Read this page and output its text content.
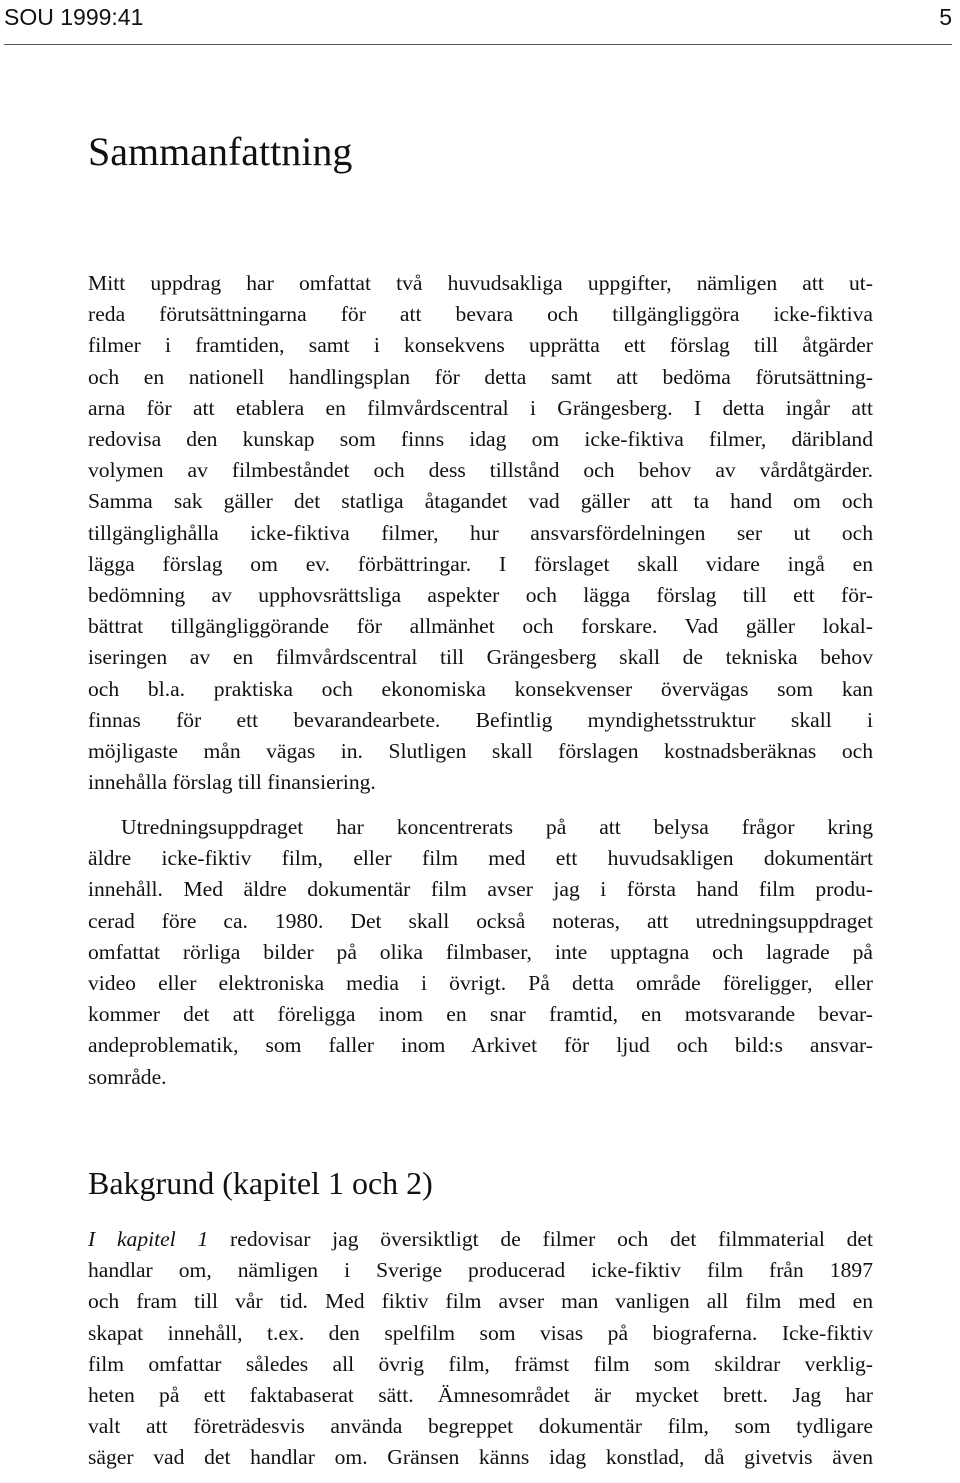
SOU 1999:41	5
Sammanfattning

Mitt uppdrag har omfattat två huvudsakliga uppgifter, nämligen att ut-
reda förutsättningarna för att bevara och tillgängliggöra icke-fiktiva
filmer i framtiden, samt i konsekvens upprätta ett förslag till åtgärder
och en nationell handlingsplan för detta samt att bedöma förutsättning-
arna för att etablera en filmvårdscentral i Grängesberg. I detta ingår att
redovisa den kunskap som finns idag om icke-fiktiva filmer, däribland
volymen av filmbeståndet och dess tillstånd och behov av vårdåtgärder.
Samma sak gäller det statliga åtagandet vad gäller att ta hand om och
tillgänglighålla icke-fiktiva filmer, hur ansvarsfördelningen ser ut och
lägga förslag om ev. förbättringar. I förslaget skall vidare ingå en
bedömning av upphovsrättsliga aspekter och lägga förslag till ett för-
bättrat tillgängliggörande för allmänhet och forskare. Vad gäller lokal-
iseringen av en filmvårdscentral till Grängesberg skall de tekniska behov
och bl.a. praktiska och ekonomiska konsekvenser övervägas som kan
finnas för ett bevarandearbete. Befintlig myndighetsstruktur skall i
möjligaste mån vägas in. Slutligen skall förslagen kostnadsberäknas och
innehålla förslag till finansiering.

Utredningsuppdraget har koncentrerats på att belysa frågor kring
äldre icke-fiktiv film, eller film med ett huvudsakligen dokumentärt
innehåll. Med äldre dokumentär film avser jag i första hand film produ-
cerad före ca. 1980. Det skall också noteras, att utredningsuppdraget
omfattat rörliga bilder på olika filmbaser, inte upptagna och lagrade på
video eller elektroniska media i övrigt. På detta område föreligger, eller
kommer det att föreligga inom en snar framtid, en motsvarande bevar-
andeproblematik, som faller inom Arkivet för ljud och bild:s ansvar-
sområde.

Bakgrund (kapitel 1 och 2)

I kapitel 1 redovisar jag översiktligt de filmer och det filmmaterial det
handlar om, nämligen i Sverige producerad icke-fiktiv film från 1897
och fram till vår tid. Med fiktiv film avser man vanligen all film med en
skapat innehåll, t.ex. den spelfilm som visas på biograferna. Icke-fiktiv
film omfattar således all övrig film, främst film som skildrar verklig-
heten på ett faktabaserat sätt. Ämnesområdet är mycket brett. Jag har
valt att företrädesvis använda begreppet dokumentär film, som tydligare
säger vad det handlar om. Gränsen känns idag konstlad, då givetvis även
